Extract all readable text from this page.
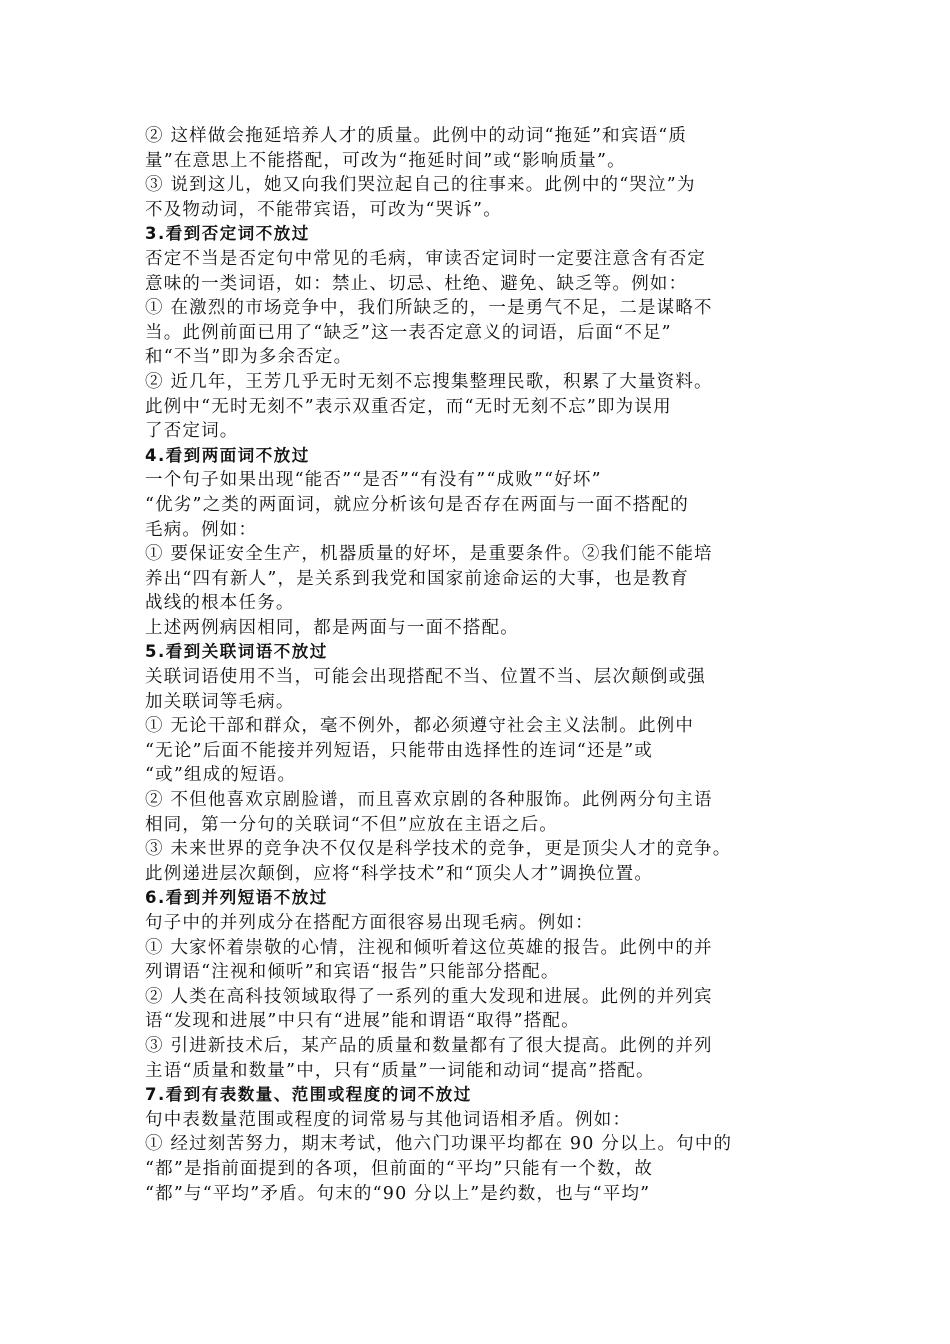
② 这样做会拖延培养人才的质量。此例中的动词“拖延”和宾语“质
量”在意思上不能搭配，可改为“拖延时间”或“影响质量”。
③ 说到这儿，她又向我们哭泣起自己的往事来。此例中的“哭泣”为
不及物动词，不能带宾语，可改为“哭诉”。
3.看到否定词不放过
否定不当是否定句中常见的毛病，审读否定词时一定要注意含有否定
意味的一类词语，如：禁止、切忌、杜绝、避免、缺乏等。例如：
① 在激烈的市场竞争中，我们所缺乏的，一是勇气不足，二是谋略不
当。此例前面已用了“缺乏”这一表否定意义的词语，后面“不足”
和“不当”即为多余否定。
② 近几年，王芳几乎无时无刻不忘搜集整理民歌，积累了大量资料。
此例中“无时无刻不”表示双重否定，而“无时无刻不忘”即为误用
了否定词。
4.看到两面词不放过
一个句子如果出现“能否”“是否”“有没有”“成败”“好坏”
“优劣”之类的两面词，就应分析该句是否存在两面与一面不搭配的
毛病。例如：
① 要保证安全生产，机器质量的好坏，是重要条件。②我们能不能培
养出“四有新人”，是关系到我党和国家前途命运的大事，也是教育
战线的根本任务。
上述两例病因相同，都是两面与一面不搭配。
5.看到关联词语不放过
关联词语使用不当，可能会出现搭配不当、位置不当、层次颠倒或强
加关联词等毛病。
① 无论干部和群众，毫不例外，都必须遵守社会主义法制。此例中
“无论”后面不能接并列短语，只能带由选择性的连词“还是”或
“或”组成的短语。
② 不但他喜欢京剧脸谱，而且喜欢京剧的各种服饰。此例两分句主语
相同，第一分句的关联词“不但”应放在主语之后。
③ 未来世界的竞争决不仅仅是科学技术的竞争，更是顶尖人才的竞争。
此例递进层次颠倒，应将“科学技术”和“顶尖人才”调换位置。
6.看到并列短语不放过
句子中的并列成分在搭配方面很容易出现毛病。例如：
① 大家怀着崇敬的心情，注视和倾听着这位英雄的报告。此例中的并
列谓语“注视和倾听”和宾语“报告”只能部分搭配。
② 人类在高科技领域取得了一系列的重大发现和进展。此例的并列宾
语“发现和进展”中只有“进展”能和谓语“取得”搭配。
③ 引进新技术后，某产品的质量和数量都有了很大提高。此例的并列
主语“质量和数量”中，只有“质量”一词能和动词“提高”搭配。
7.看到有表数量、范围或程度的词不放过
句中表数量范围或程度的词常易与其他词语相矛盾。例如：
① 经过刻苦努力，期末考试，他六门功课平均都在 90 分以上。句中的
“都”是指前面提到的各项，但前面的“平均”只能有一个数，故
“都”与“平均”矛盾。句末的“90 分以上”是约数，也与“平均”
